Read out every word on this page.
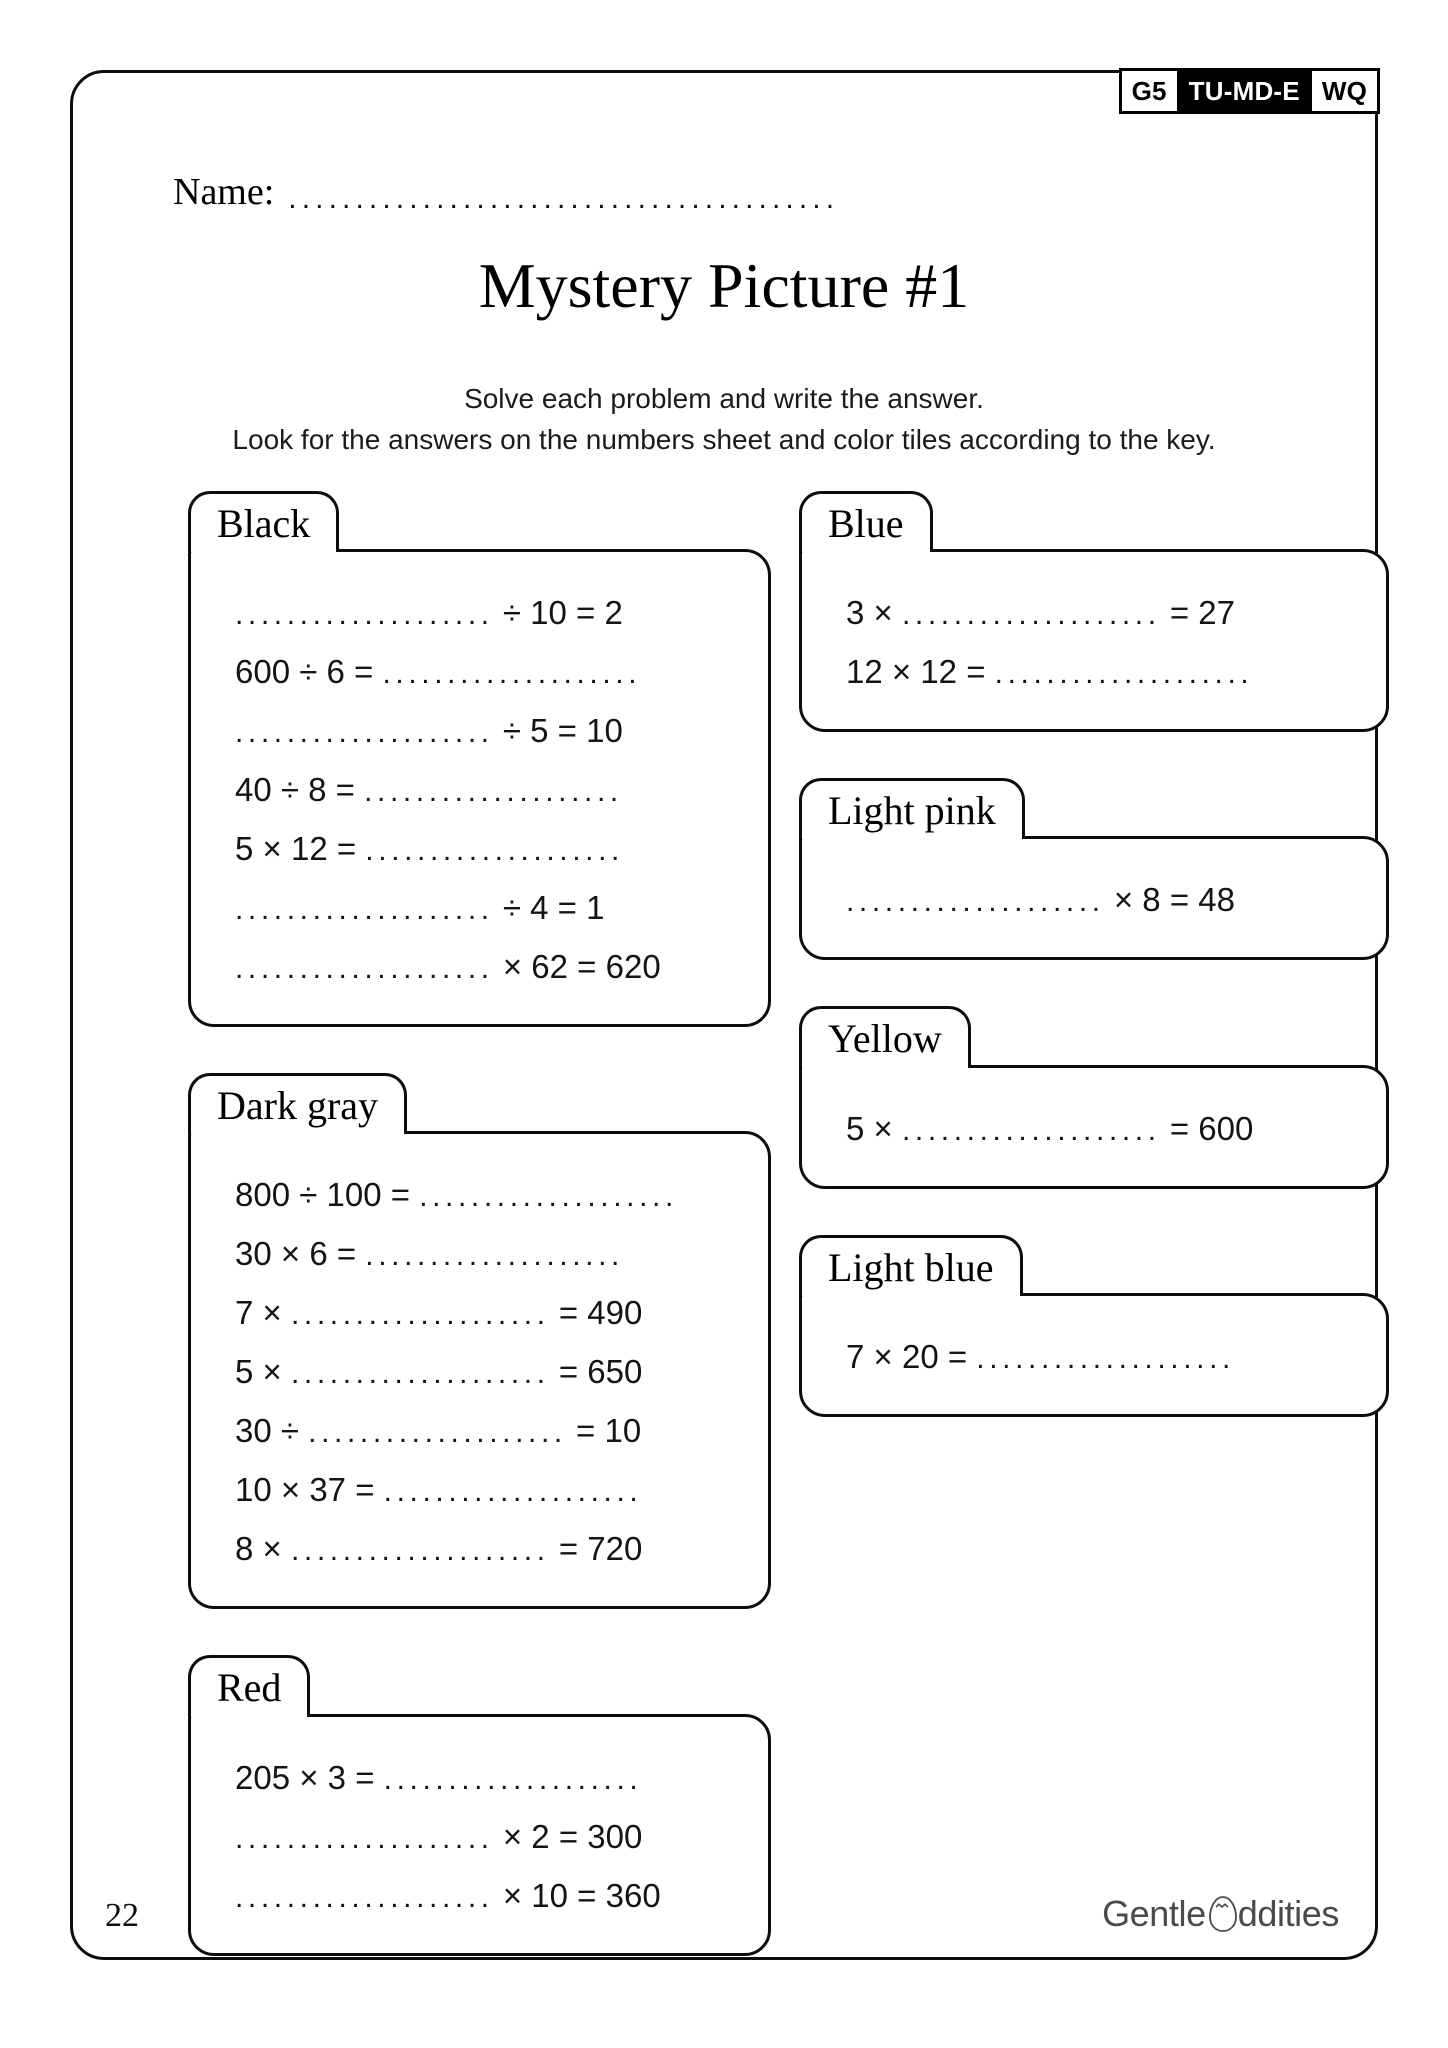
Name: .........................................
Mystery Picture #1
Solve each problem and write the answer.
Look for the answers on the numbers sheet and color tiles according to the key.
Black
.................... ÷ 10 = 2
600 ÷ 6 = ....................
.................... ÷ 5 = 10
40 ÷ 8 = ....................
5 × 12 = ....................
.................... ÷ 4 = 1
.................... × 62 = 620
Dark gray
800 ÷ 100 = ....................
30 × 6 = ....................
7 × .................... = 490
5 × .................... = 650
30 ÷ .................... = 10
10 × 37 = ....................
8 × .................... = 720
Red
205 × 3 = ....................
.................... × 2 = 300
.................... × 10 = 360
Blue
3 × .................... = 27
12 × 12 = ....................
Light pink
.................... × 8 = 48
Yellow
5 × .................... = 600
Light blue
7 × 20 = ....................
22	Gentle ddities
G5 TU-MD-E WQ
